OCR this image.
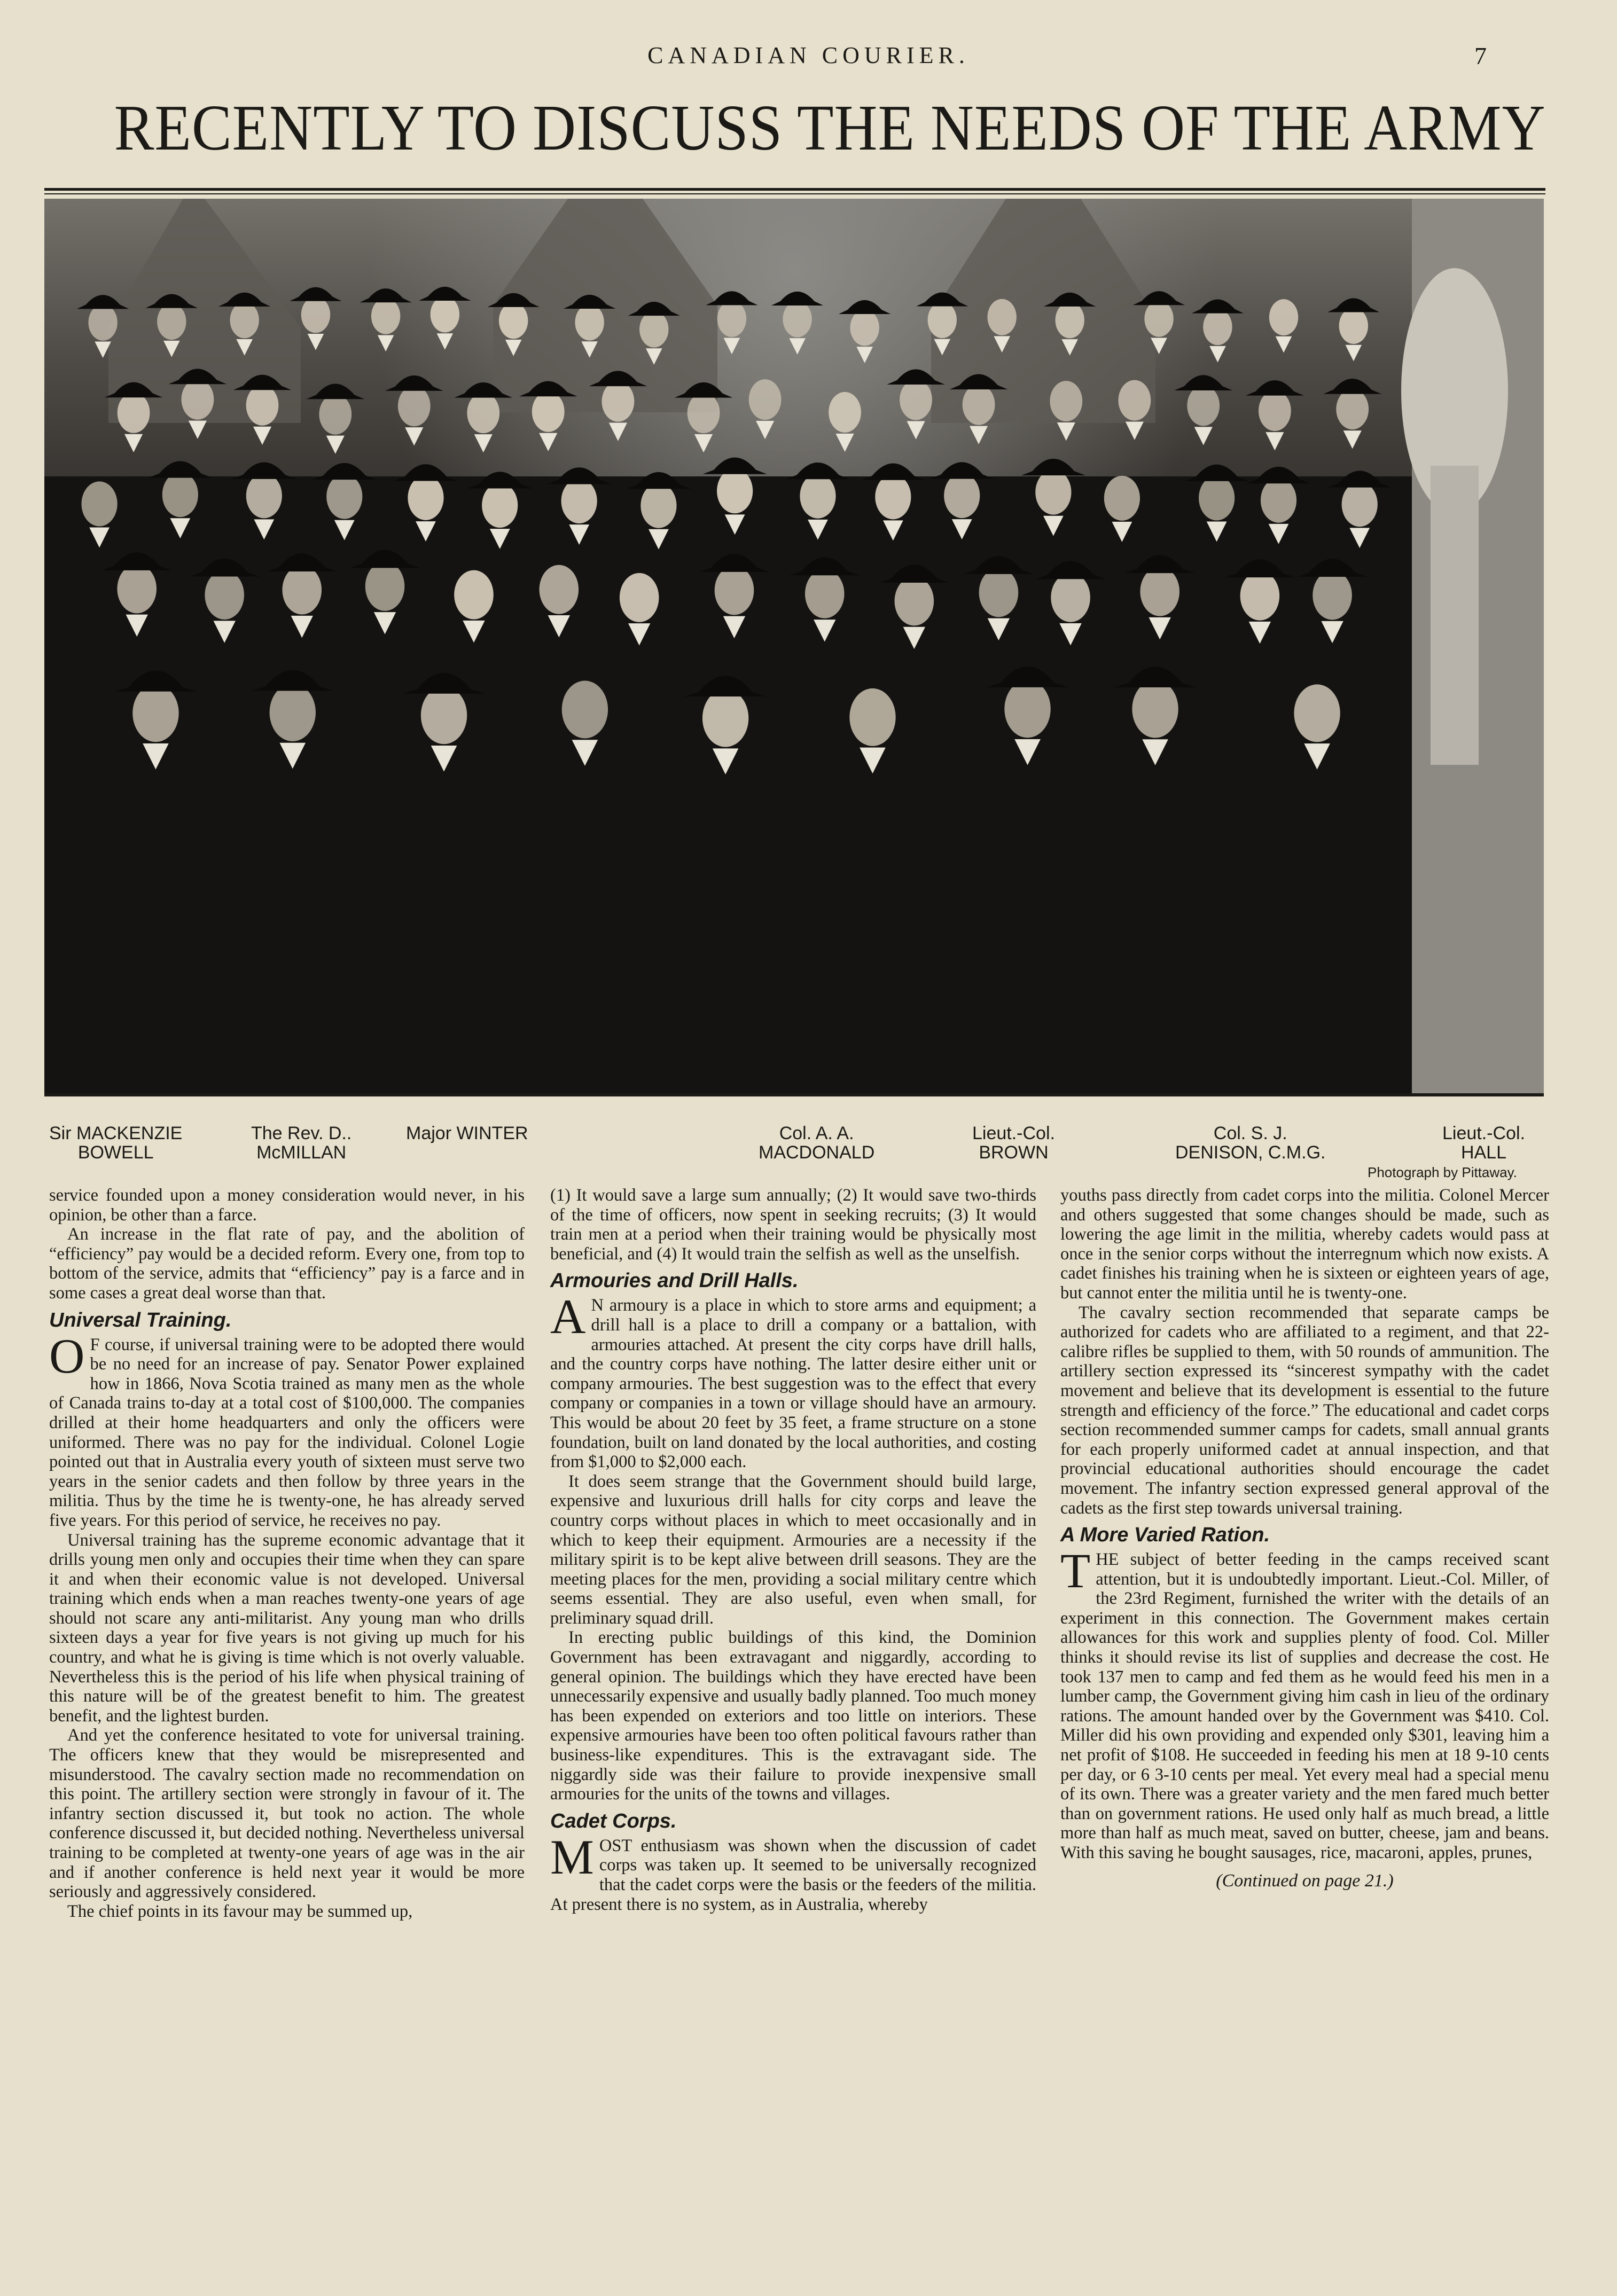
CANADIAN COURIER.	7
RECENTLY TO DISCUSS THE NEEDS OF THE ARMY
Sir MACKENZIE
BOWELL
The Rev. D..
McMILLAN
Major WINTER	Col. A. A.
MACDONALD
Lieut.-Col.
BROWN
Col. S. J.
DENISON, C.M.G.
Lieut.-Col.
HALL
Photograph by Pittaway.

service founded upon a money consideration would never, in his opinion, be other than a farce.

An increase in the flat rate of pay, and the abolition of “efficiency” pay would be a decided reform. Every one, from top to bottom of the service, admits that “efficiency” pay is a farce and in some cases a great deal worse than that.

Universal Training.

O F course, if universal training were to be adopted there would be no need for an increase of pay. Senator Power explained how in 1866, Nova Scotia trained as many men as the whole of Canada trains to-day at a total cost of $100,000. The companies drilled at their home headquarters and only the officers were uniformed. There was no pay for the individual. Colonel Logie pointed out that in Australia every youth of sixteen must serve two years in the senior cadets and then follow by three years in the militia. Thus by the time he is twenty-one, he has already served five years. For this period of service, he receives no pay.

Universal training has the supreme economic advantage that it drills young men only and occupies their time when they can spare it and when their economic value is not developed. Universal training which ends when a man reaches twenty-one years of age should not scare any anti-militarist. Any young man who drills sixteen days a year for five years is not giving up much for his country, and what he is giving is time which is not overly valuable. Nevertheless this is the period of his life when physical training of this nature will be of the greatest benefit to him. The greatest benefit, and the lightest burden.

And yet the conference hesitated to vote for universal training. The officers knew that they would be misrepresented and misunderstood. The cavalry section made no recommendation on this point. The artillery section were strongly in favour of it. The infantry section discussed it, but took no action. The whole conference discussed it, but decided nothing. Nevertheless universal training to be completed at twenty-one years of age was in the air and if another conference is held next year it would be more seriously and aggressively considered.

The chief points in its favour may be summed up,

(1) It would save a large sum annually; (2) It would save two-thirds of the time of officers, now spent in seeking recruits; (3) It would train men at a period when their training would be physically most beneficial, and (4) It would train the selfish as well as the unselfish.

Armouries and Drill Halls.

A N armoury is a place in which to store arms and equipment; a drill hall is a place to drill a company or a battalion, with armouries attached. At present the city corps have drill halls, and the country corps have nothing. The latter desire either unit or company armouries. The best suggestion was to the effect that every company or companies in a town or village should have an armoury. This would be about 20 feet by 35 feet, a frame structure on a stone foundation, built on land donated by the local authorities, and costing from $1,000 to $2,000 each.

It does seem strange that the Government should build large, expensive and luxurious drill halls for city corps and leave the country corps without places in which to meet occasionally and in which to keep their equipment. Armouries are a necessity if the military spirit is to be kept alive between drill seasons. They are the meeting places for the men, providing a social military centre which seems essential. They are also useful, even when small, for preliminary squad drill.

In erecting public buildings of this kind, the Dominion Government has been extravagant and niggardly, according to general opinion. The buildings which they have erected have been unnecessarily expensive and usually badly planned. Too much money has been expended on exteriors and too little on interiors. These expensive armouries have been too often political favours rather than business-like expenditures. This is the extravagant side. The niggardly side was their failure to provide inexpensive small armouries for the units of the towns and villages.

Cadet Corps.

MOST enthusiasm was shown when the discussion of cadet corps was taken up. It seemed to be universally recognized that the cadet corps were the basis or the feeders of the militia. At present there is no system, as in Australia, whereby

youths pass directly from cadet corps into the militia. Colonel Mercer and others suggested that some changes should be made, such as lowering the age limit in the militia, whereby cadets would pass at once in the senior corps without the interregnum which now exists. A cadet finishes his training when he is sixteen or eighteen years of age, but cannot enter the militia until he is twenty-one.

The cavalry section recommended that separate camps be authorized for cadets who are affiliated to a regiment, and that 22-calibre rifles be supplied to them, with 50 rounds of ammunition. The artillery section expressed its “sincerest sympathy with the cadet movement and believe that its development is essential to the future strength and efficiency of the force.” The educational and cadet corps section recommended summer camps for cadets, small annual grants for each properly uniformed cadet at annual inspection, and that provincial educational authorities should encourage the cadet movement. The infantry section expressed general approval of the cadets as the first step towards universal training.

A More Varied Ration.

THE subject of better feeding in the camps received scant attention, but it is undoubtedly important. Lieut.-Col. Miller, of the 23rd Regiment, furnished the writer with the details of an experiment in this connection. The Government makes certain allowances for this work and supplies plenty of food. Col. Miller thinks it should revise its list of supplies and decrease the cost. He took 137 men to camp and fed them as he would feed his men in a lumber camp, the Government giving him cash in lieu of the ordinary rations. The amount handed over by the Government was $410. Col. Miller did his own providing and expended only $301, leaving him a net profit of $108. He succeeded in feeding his men at 18 9-10 cents per day, or 6 3-10 cents per meal. Yet every meal had a special menu of its own. There was a greater variety and the men fared much better than on government rations. He used only half as much bread, a little more than half as much meat, saved on butter, cheese, jam and beans. With this saving he bought sausages, rice, macaroni, apples, prunes,

(Continued on page 21.)
